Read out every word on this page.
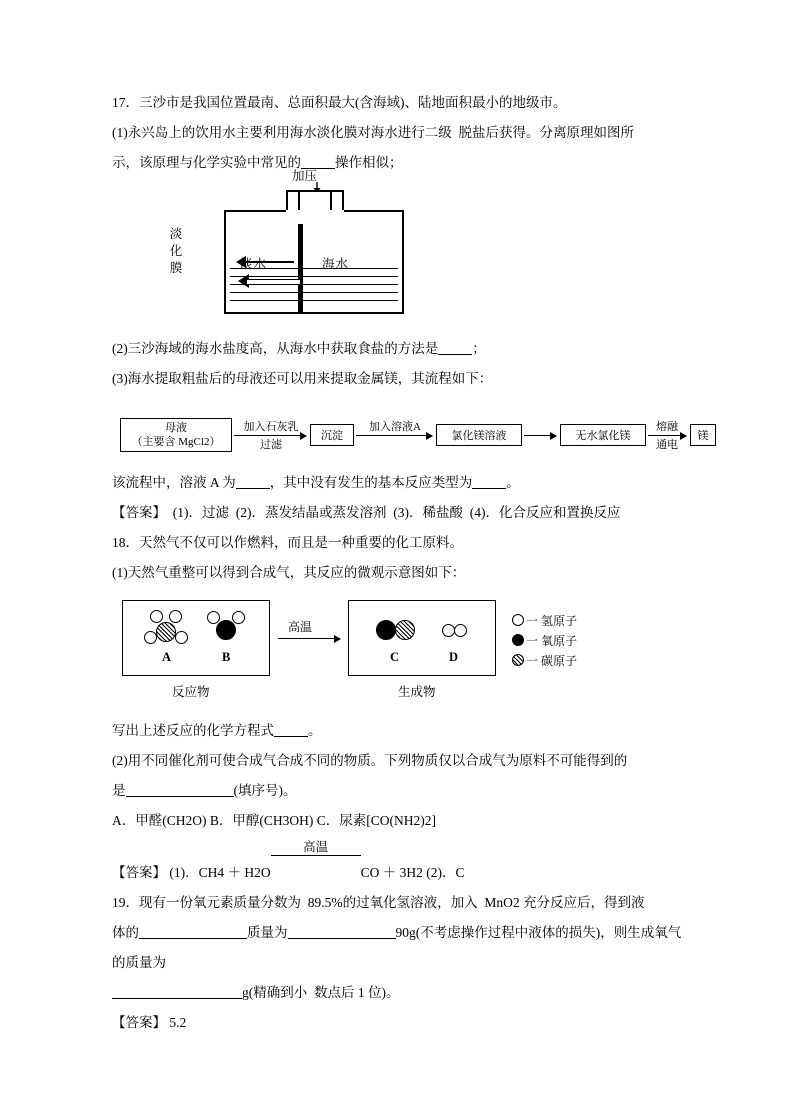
17．三沙市是我国位置最南、总面积最大(含海域)、陆地面积最小的地级市。

(1)永兴岛上的饮用水主要利用海水淡化膜对海水进行二级  脱盐后获得。分离原理如图所

示，该原理与化学实验中常见的	操作相似；

加压
淡化膜	淡水	海水

(2)三沙海域的海水盐度高，从海水中获取食盐的方法是	；

(3)海水提取粗盐后的母液还可以用来提取金属镁，其流程如下：

母液
（主要含 MgCl2）
加入石灰乳
过滤
沉淀
加入溶液A
氯化镁溶液	无水氯化镁
熔融
通电
镁

该流程中，溶液 A 为	，其中没有发生的基本反应类型为	。

【答案】  (1)．过滤  (2)．蒸发结晶或蒸发溶剂  (3)．稀盐酸  (4)．化合反应和置换反应

18．天然气不仅可以作燃料，而且是一种重要的化工原料。

(1)天然气重整可以得到合成气，其反应的微观示意图如下：

A	B
高温
C	D
反应物	生成物
一 氢原子
一 氧原子
一 碳原子

写出上述反应的化学方程式	。

(2)用不同催化剂可使合成气合成不同的物质。下列物质仅以合成气为原料不可能得到的

是	(填序号)。

A．甲醛(CH2O) B．甲醇(CH3OH) C．尿素[CO(NH2)2]

【答案】 (1)．CH4 ＋ H2O
高温
CO ＋ 3H2 (2)．C

19．现有一份氧元素质量分数为  89.5%的过氧化氢溶液，加入  MnO2 充分反应后，得到液

体的	质量为	90g(不考虑操作过程中液体的损失)，则生成氧气的质量为

g(精确到小  数点后 1 位)。

【答案】 5.2
